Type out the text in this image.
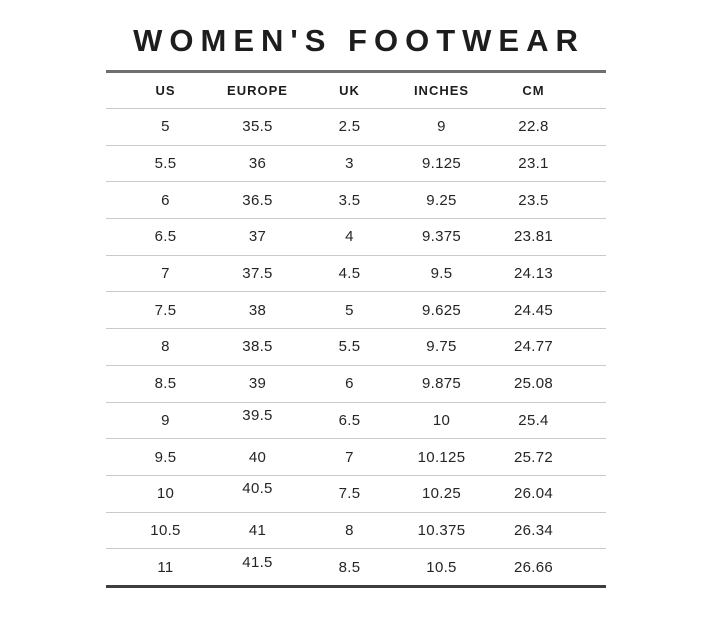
WOMEN'S FOOTWEAR
US	EUROPE	UK	INCHES	CM
5	35.5	2.5	9	22.8
5.5	36	3	9.125	23.1
6	36.5	3.5	9.25	23.5
6.5	37	4	9.375	23.81
7	37.5	4.5	9.5	24.13
7.5	38	5	9.625	24.45
8	38.5	5.5	9.75	24.77
8.5	39	6	9.875	25.08
9	39.5	6.5	10	25.4
9.5	40	7	10.125	25.72
10	40.5	7.5	10.25	26.04
10.5	41	8	10.375	26.34
11	41.5	8.5	10.5	26.66
